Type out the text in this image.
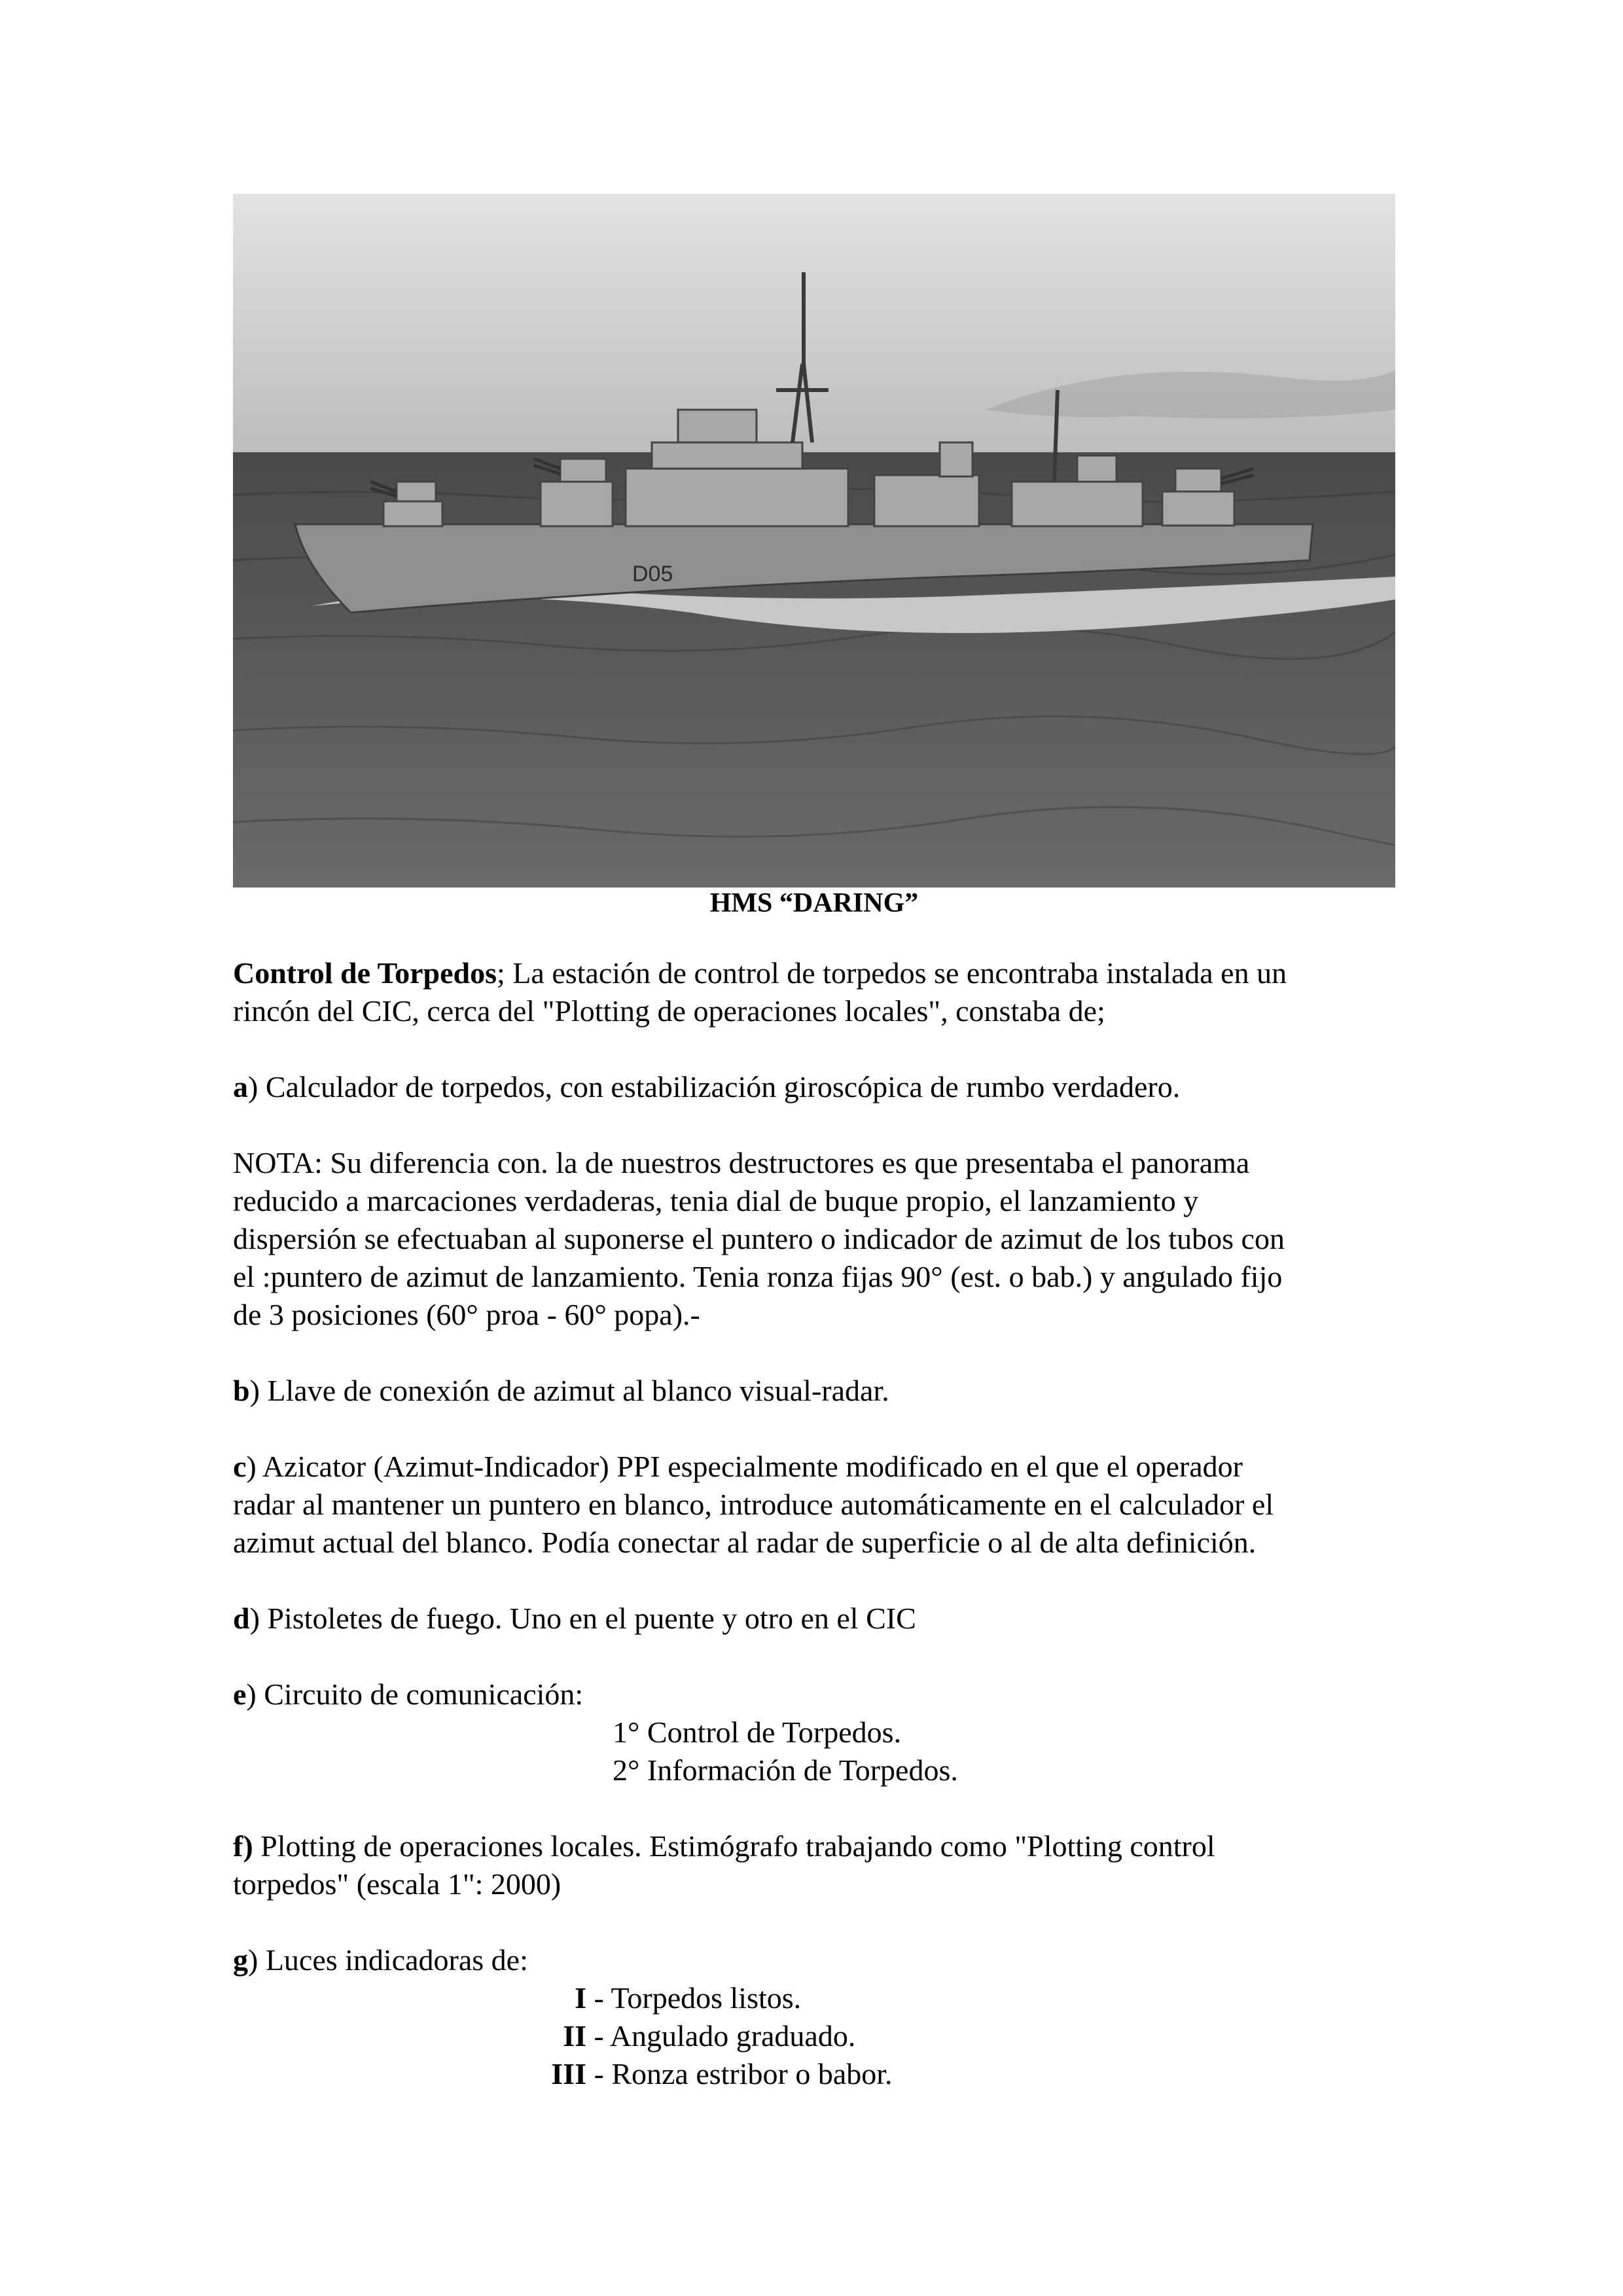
D05
HMS “DARING”

Control de Torpedos; La estación de control de torpedos se encontraba instalada en un

rincón del CIC, cerca del "Plotting de operaciones locales", constaba de;

a) Calculador de torpedos, con estabilización giroscópica de rumbo verdadero.

NOTA: Su diferencia con. la de nuestros destructores es que presentaba el panorama

reducido a marcaciones verdaderas, tenia dial de buque propio, el lanzamiento y

dispersión se efectuaban al suponerse el puntero o indicador de azimut de los tubos con

el :puntero de azimut de lanzamiento. Tenia ronza fijas 90° (est. o bab.) y angulado fijo

de 3 posiciones (60° proa - 60° popa).-

b) Llave de conexión de azimut al blanco visual-radar.

c) Azicator (Azimut-Indicador) PPI especialmente modificado en el que el operador

radar al mantener un puntero en blanco, introduce automáticamente en el calculador el

azimut actual del blanco. Podía conectar al radar de superficie o al de alta definición.

d) Pistoletes de fuego. Uno en el puente y otro en el CIC

e) Circuito de comunicación:

1° Control de Torpedos.

2° Información de Torpedos.

f) Plotting de operaciones locales. Estimógrafo trabajando como "Plotting control

torpedos" (escala 1": 2000)

g) Luces indicadoras de:

I - Torpedos listos.

II - Angulado graduado.

III - Ronza estribor o babor.
